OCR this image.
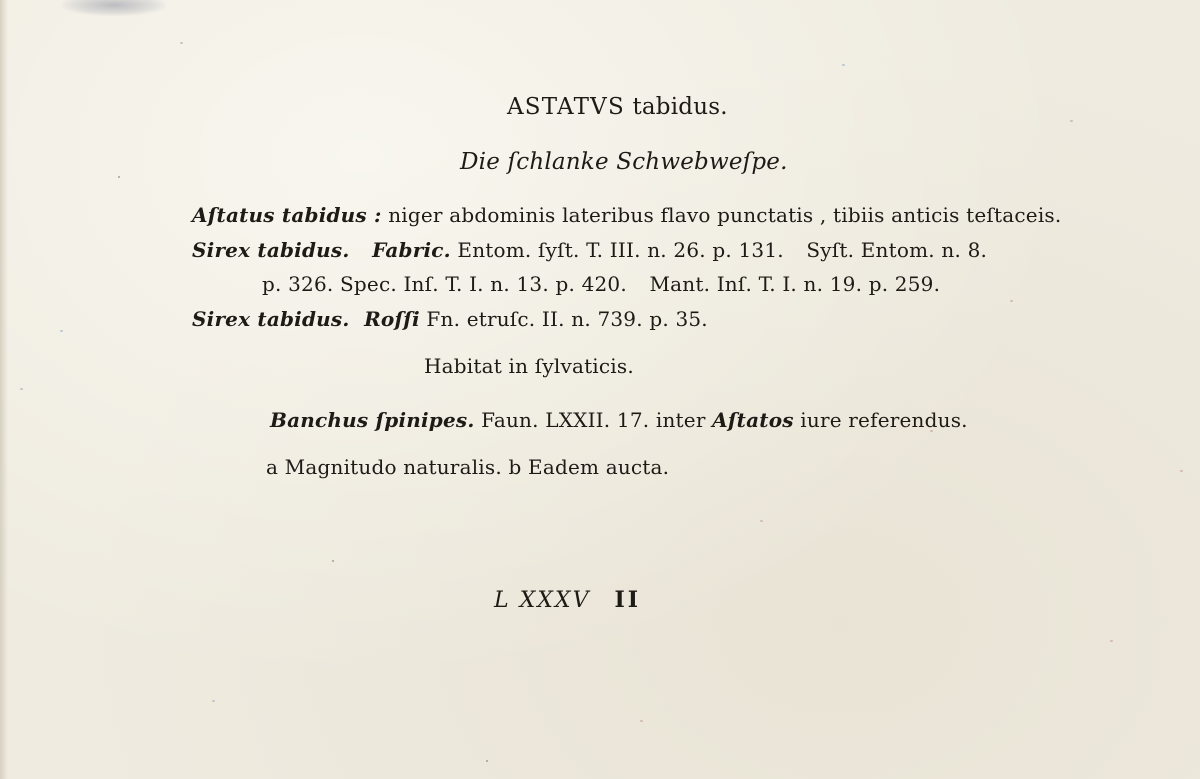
ASTATVS tabidus.
Die ſchlanke Schwebweſpe.
Aſtatus tabidus : niger abdominis lateribus flavo punctatis , tibiis anticis teſtaceis.
Sirex tabidus. Fabric. Entom. ſyſt. T. III. n. 26. p. 131. Syſt. Entom. n. 8.
p. 326. Spec. Inſ. T. I. n. 13. p. 420. Mant. Inſ. T. I. n. 19. p. 259.
Sirex tabidus. Roſſi Fn. etruſc. II. n. 739. p. 35.
Habitat in ſylvaticis.
Banchus ſpinipes. Faun. LXXII. 17. inter Aſtatos iure referendus.
a Magnitudo naturalis. b Eadem aucta.
L XXXV II
